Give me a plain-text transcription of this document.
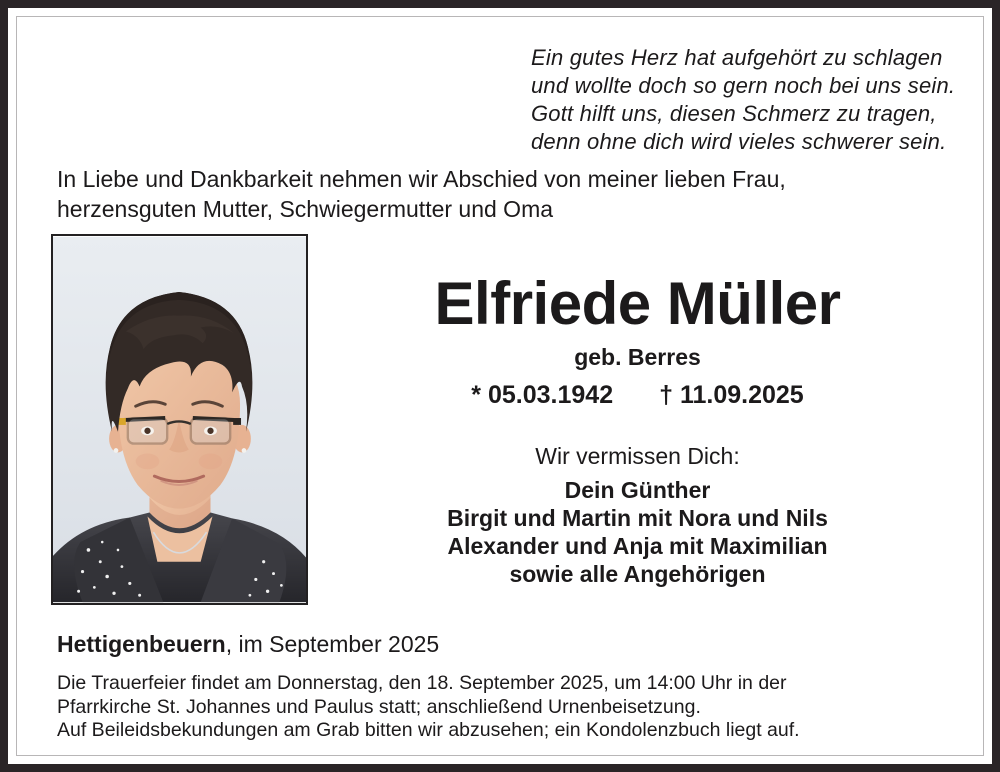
Ein gutes Herz hat aufgehört zu schlagen
und wollte doch so gern noch bei uns sein.
Gott hilft uns, diesen Schmerz zu tragen,
denn ohne dich wird vieles schwerer sein.
In Liebe und Dankbarkeit nehmen wir Abschied von meiner lieben Frau,
herzensguten Mutter, Schwiegermutter und Oma
Elfriede Müller
geb. Berres
* 05.03.1942 † 11.09.2025
Wir vermissen Dich:
Dein Günther
Birgit und Martin mit Nora und Nils
Alexander und Anja mit Maximilian
sowie alle Angehörigen
Hettigenbeuern, im September 2025
Die Trauerfeier findet am Donnerstag, den 18. September 2025, um 14:00 Uhr in der
Pfarrkirche St. Johannes und Paulus statt; anschließend Urnenbeisetzung.
Auf Beileidsbekundungen am Grab bitten wir abzusehen; ein Kondolenzbuch liegt auf.
